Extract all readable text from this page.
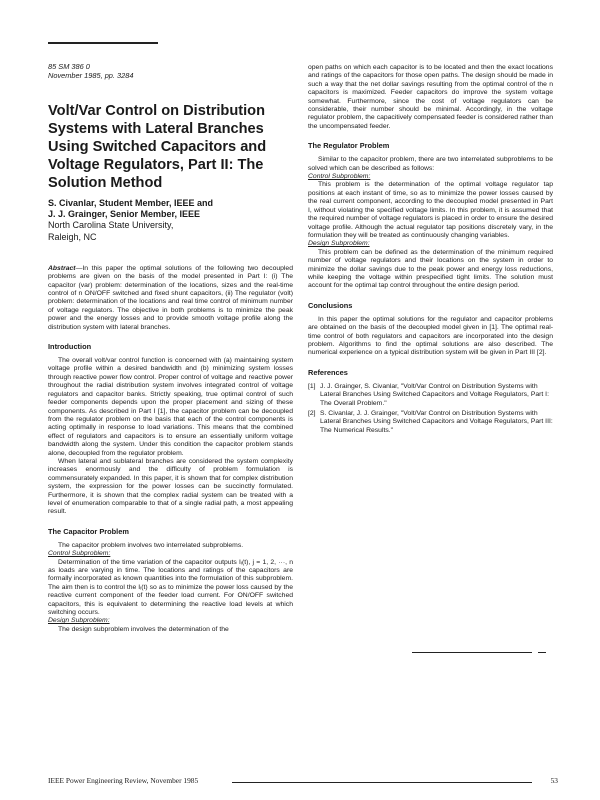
85 SM 386 0
November 1985, pp. 3284
Volt/Var Control on Distribution Systems with Lateral Branches Using Switched Capacitors and Voltage Regulators, Part II: The Solution Method
S. Civanlar, Student Member, IEEE and
J. J. Grainger, Senior Member, IEEE
North Carolina State University,
Raleigh, NC
Abstract—In this paper the optimal solutions of the following two decoupled problems are given on the basis of the model presented in Part I: (i) The capacitor (var) problem: determination of the locations, sizes and the real-time control of n ON/OFF switched and fixed shunt capacitors, (ii) The regulator (volt) problem: determination of the locations and real time control of minimum number of voltage regulators. The objective in both problems is to minimize the peak power and the energy losses and to provide smooth voltage profile along the distribution system with lateral branches.
Introduction

The overall volt/var control function is concerned with (a) maintaining system voltage profile within a desired bandwidth and (b) minimizing system losses through reactive power flow control. Proper control of voltage and reactive power throughout the radial distribution system involves integrated control of voltage regulators and capacitor banks. Strictly speaking, true optimal control of such feeder components depends upon the proper placement and sizing of these components. As described in Part I [1], the capacitor problem can be decoupled from the regulator problem on the basis that each of the control components is acting optimally in response to load variations. This means that the combined effect of regulators and capacitors is to ensure an essentially uniform voltage bandwidth along the system. Under this condition the capacitor problem stands alone, decoupled from the regulator problem.

When lateral and sublateral branches are considered the system complexity increases enormously and the difficulty of problem formulation is commensurately expanded. In this paper, it is shown that for complex distribution system, the expression for the power losses can be succinctly formulated. Furthermore, it is shown that the complex radial system can be treated with a level of enumeration comparable to that of a single radial path, a most appealing result.

The Capacitor Problem

The capacitor problem involves two interrelated subproblems.

Control Subproblem:

Determination of the time variation of the capacitor outputs Iᵢ(t), j = 1, 2, ···, n as loads are varying in time. The locations and ratings of the capacitors are formally incorporated as known quantities into the formulation of this subproblem. The aim then is to control the Iᵢ(t) so as to minimize the power loss caused by the reactive current component of the feeder load current. For ON/OFF switched capacitors, this is equivalent to determining the reactive load levels at which switching occurs.

Design Subproblem:

The design subproblem involves the determination of the

open paths on which each capacitor is to be located and then the exact locations and ratings of the capacitors for those open paths. The design should be made in such a way that the net dollar savings resulting from the optimal control of the n capacitors is maximized. Feeder capacitors do improve the system voltage somewhat. Furthermore, since the cost of voltage regulators can be considerable, their number should be minimal. Accordingly, in the voltage regulator problem, the capacitively compensated feeder is considered rather than the uncompensated feeder.

The Regulator Problem

Similar to the capacitor problem, there are two interrelated subproblems to be solved which can be described as follows:

Control Subproblem:

This problem is the determination of the optimal voltage regulator tap positions at each instant of time, so as to minimize the power losses caused by the real current component, according to the decoupled model presented in Part I, without violating the specified voltage limits. In this problem, it is assumed that the required number of voltage regulators is placed in order to ensure the desired voltage profile. Although the actual regulator tap positions discretely vary, in the formulation they will be treated as continuously changing variables.

Design Subproblem:

This problem can be defined as the determination of the minimum required number of voltage regulators and their locations on the system in order to minimize the dollar savings due to the peak power and energy loss reductions, while keeping the voltage within prespecified tight limits. The solution must account for the optimal tap control throughout the entire design period.

Conclusions

In this paper the optimal solutions for the regulator and capacitor problems are obtained on the basis of the decoupled model given in [1]. The optimal real-time control of both regulators and capacitors are incorporated into the design problem. Algorithms to find the optimal solutions are also described. The numerical experience on a typical distribution system will be given in Part III [2].

References
[1] J. J. Grainger, S. Civanlar, "Volt/Var Control on Distribution Systems with Lateral Branches Using Switched Capacitors and Voltage Regulators, Part I: The Overall Problem."
[2] S. Civanlar, J. J. Grainger, "Volt/Var Control on Distribution Systems with Lateral Branches Using Switched Capacitors and Voltage Regulators, Part III: The Numerical Results."
IEEE Power Engineering Review, November 1985	53
